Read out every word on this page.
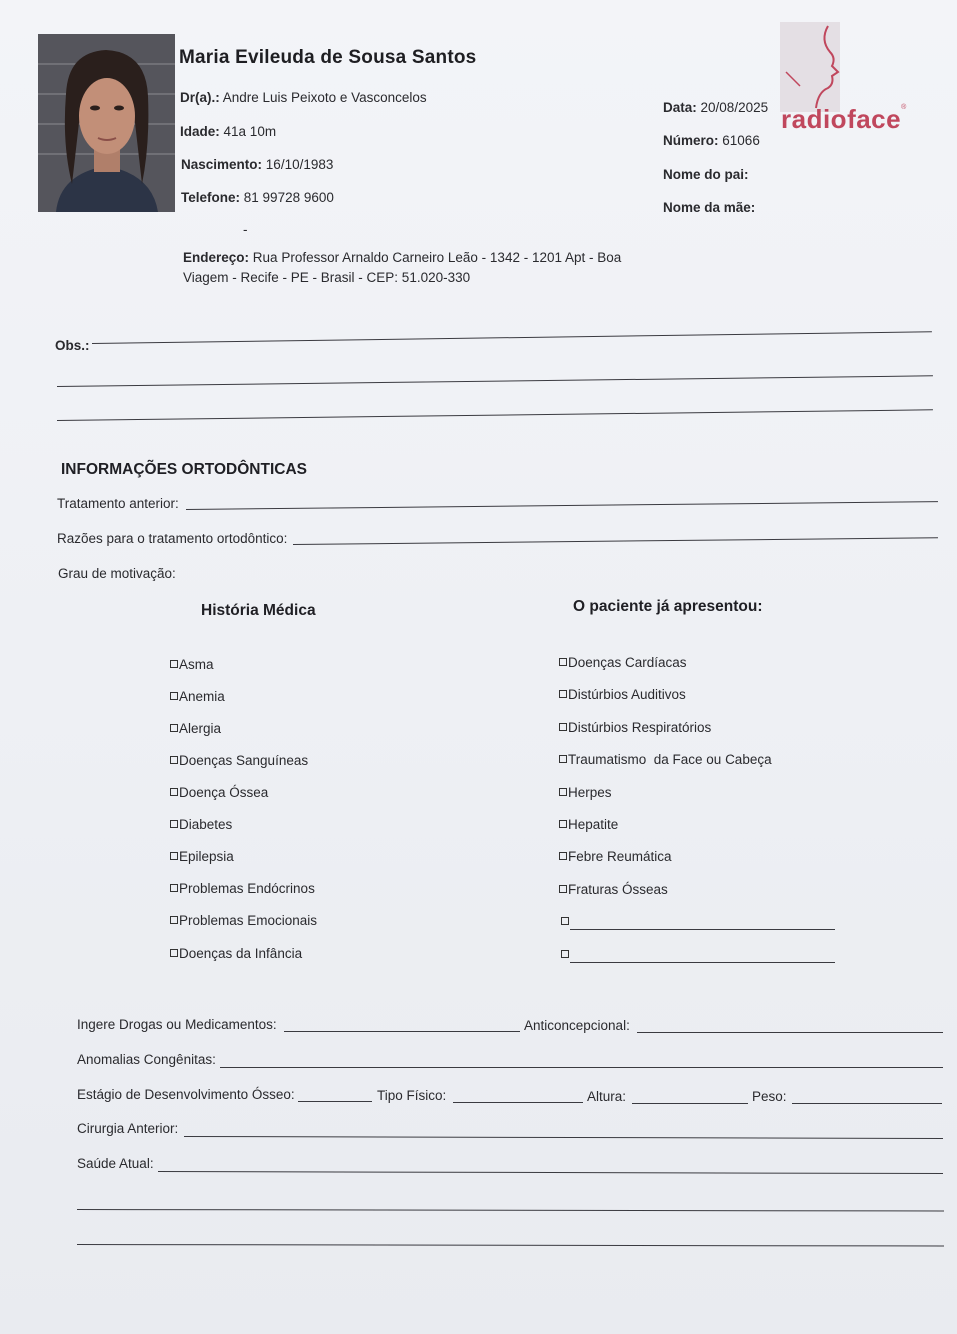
Maria Evileuda de Sousa Santos
Dr(a).: Andre Luis Peixoto e Vasconcelos
Idade: 41a 10m
Nascimento: 16/10/1983
Telefone: 81 99728 9600
-
Endereço: Rua Professor Arnaldo Carneiro Leão - 1342 - 1201 Apt - Boa
Viagem - Recife - PE - Brasil - CEP: 51.020-330
Data: 20/08/2025
Número: 61066
Nome do pai:
Nome da mãe:
radioface®
Obs.:
INFORMAÇÕES ORTODÔNTICAS
Tratamento anterior:
Razões para o tratamento ortodôntico:
Grau de motivação:
História Médica	O paciente já apresentou:
Asma
Anemia
Alergia
Doenças Sanguíneas
Doença Óssea
Diabetes
Epilepsia
Problemas Endócrinos
Problemas Emocionais
Doenças da Infância
Doenças Cardíacas
Distúrbios Auditivos
Distúrbios Respiratórios
Traumatismo  da Face ou Cabeça
Herpes
Hepatite
Febre Reumática
Fraturas Ósseas
Ingere Drogas ou Medicamentos:	Anticoncepcional:
Anomalias Congênitas:
Estágio de Desenvolvimento Ósseo:	Tipo Físico:	Altura:	Peso:
Cirurgia Anterior:
Saúde Atual:
